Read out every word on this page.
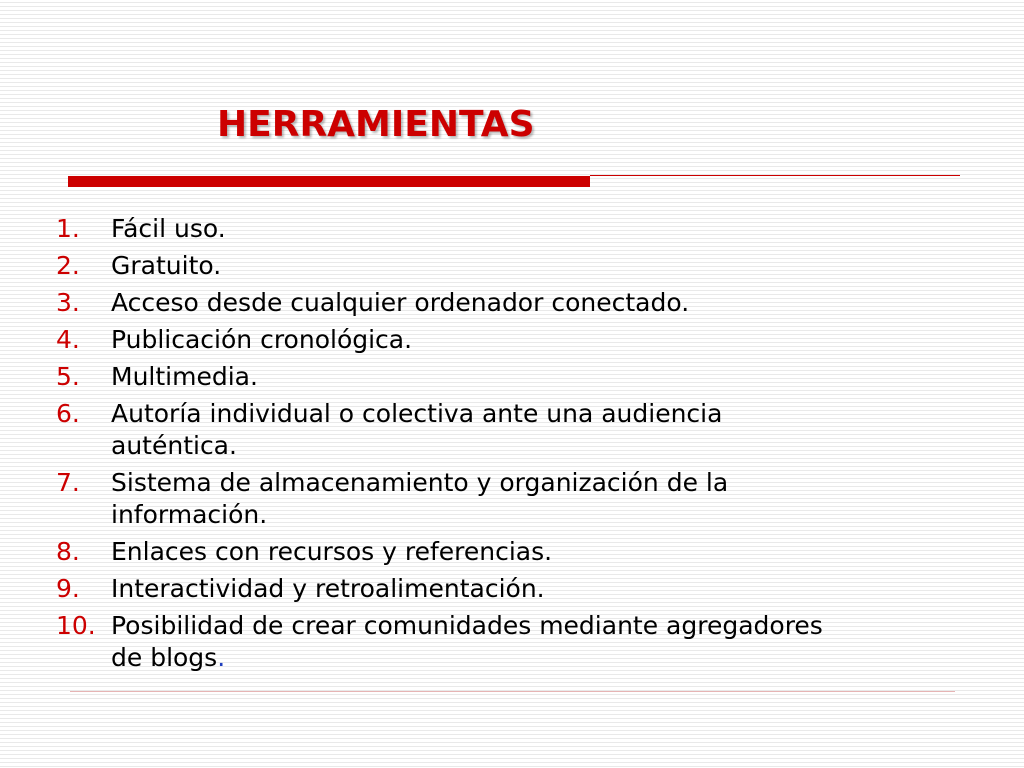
HERRAMIENTAS
1.	Fácil uso.
2.	Gratuito.
3.	Acceso desde cualquier ordenador conectado.
4.	Publicación cronológica.
5.	Multimedia.
6.	Autoría individual o colectiva ante una audiencia auténtica.
7.	Sistema de almacenamiento y organización de la información.
8.	Enlaces con recursos y referencias.
9.	Interactividad y retroalimentación.
10. Posibilidad de crear comunidades mediante agregadores de blogs.
